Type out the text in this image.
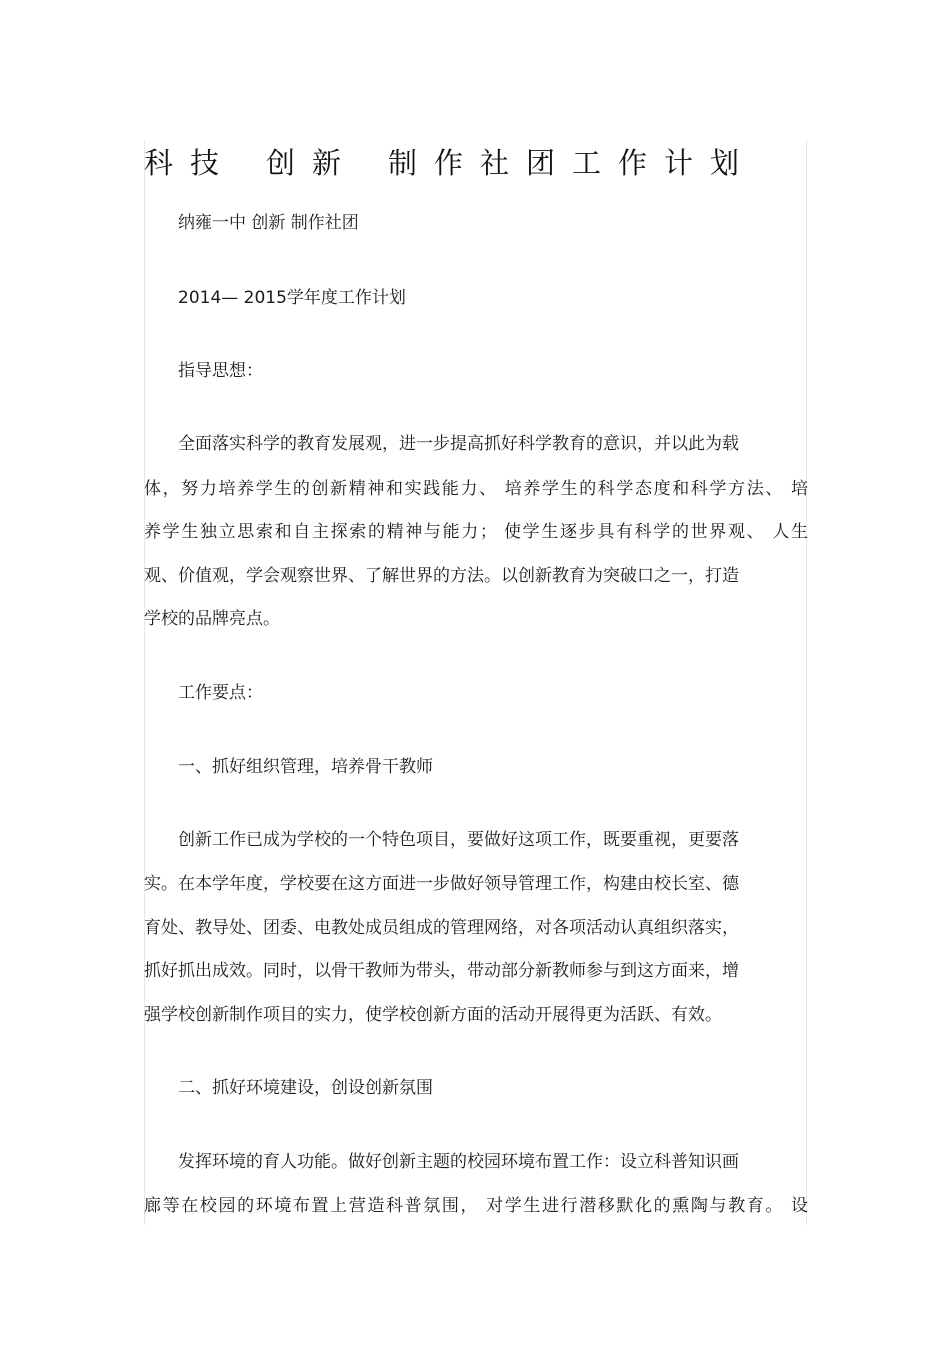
科技 创新 制作社团工作计划
纳雍一中 创新 制作社团
2014— 2015学年度工作计划
指导思想：
全面落实科学的教育发展观，进一步提高抓好科学教育的意识，并以此为载
体，努力培养学生的创新精神和实践能力、 培养学生的科学态度和科学方法、 培
养学生独立思索和自主探索的精神与能力； 使学生逐步具有科学的世界观、 人生
观、价值观，学会观察世界、了解世界的方法。以创新教育为突破口之一，打造
学校的品牌亮点。
工作要点：
一、抓好组织管理，培养骨干教师
创新工作已成为学校的一个特色项目，要做好这项工作，既要重视，更要落
实。在本学年度，学校要在这方面进一步做好领导管理工作，构建由校长室、德
育处、教导处、团委、电教处成员组成的管理网络，对各项活动认真组织落实，
抓好抓出成效。同时，以骨干教师为带头，带动部分新教师参与到这方面来，增
强学校创新制作项目的实力，使学校创新方面的活动开展得更为活跃、有效。
二、抓好环境建设，创设创新氛围
发挥环境的育人功能。做好创新主题的校园环境布置工作：设立科普知识画
廊等在校园的环境布置上营造科普氛围， 对学生进行潜移默化的熏陶与教育。 设
